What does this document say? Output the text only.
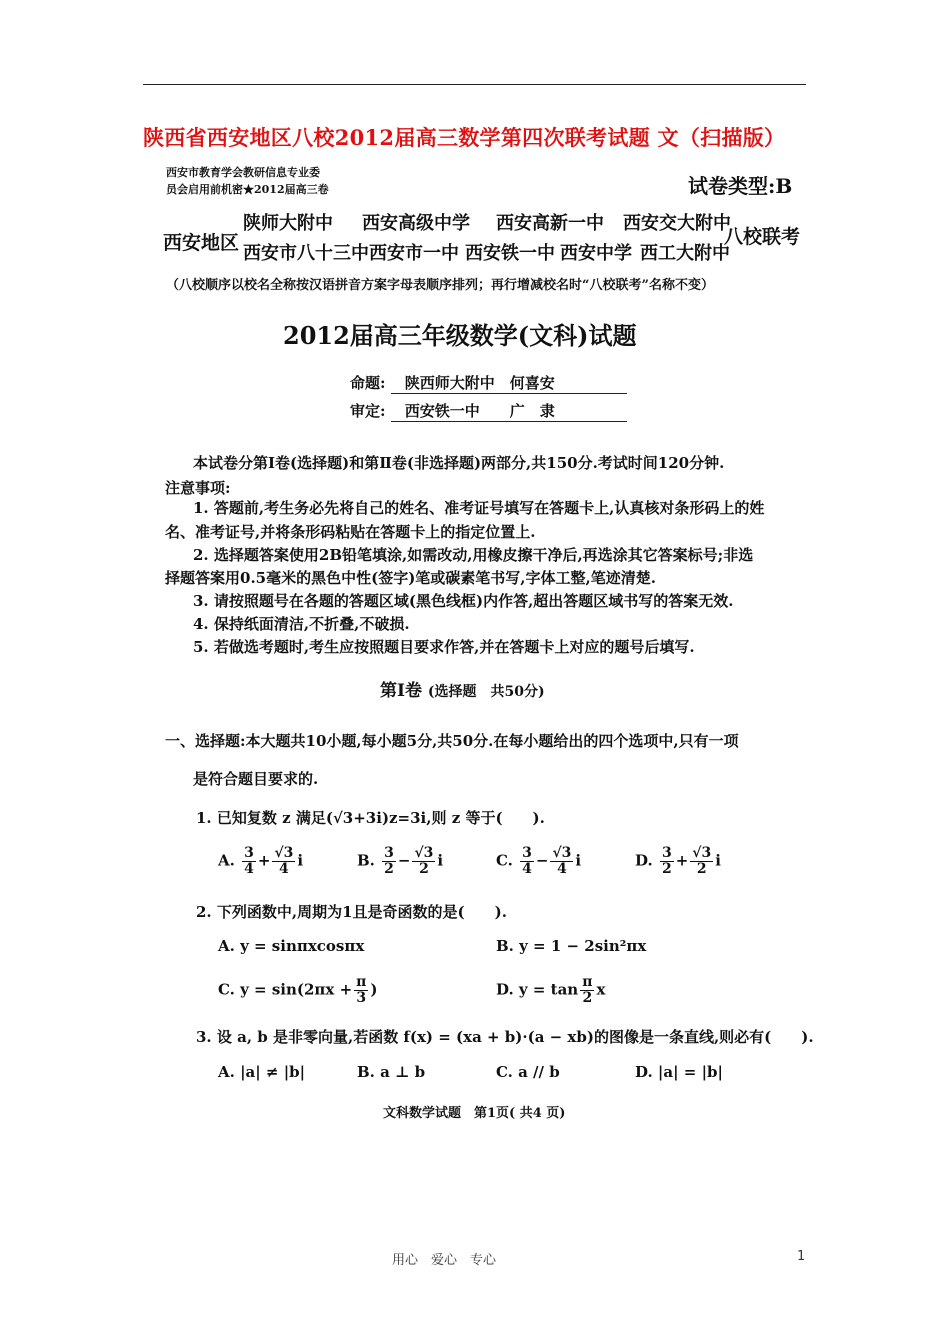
陕西省西安地区八校2012届高三数学第四次联考试题 文（扫描版）
西安市教育学会教研信息专业委
员会启用前机密★2012届高三卷	试卷类型:B
西安地区	八校联考
陕师大附中 西安高级中学 西安高新一中 西安交大附中
西安市八十三中 西安市一中 西安铁一中 西安中学 西工大附中
（八校顺序以校名全称按汉语拼音方案字母表顺序排列；再行增减校名时“八校联考”名称不变）
2012届高三年级数学(文科)试题
命题: 陕西师大附中　何喜安
审定: 西安铁一中　　广　隶
本试卷分第Ⅰ卷(选择题)和第Ⅱ卷(非选择题)两部分,共150分.考试时间120分钟.
注意事项:
1. 答题前,考生务必先将自己的姓名、准考证号填写在答题卡上,认真核对条形码上的姓
名、准考证号,并将条形码粘贴在答题卡上的指定位置上.
2. 选择题答案使用2B铅笔填涂,如需改动,用橡皮擦干净后,再选涂其它答案标号;非选
择题答案用0.5毫米的黑色中性(签字)笔或碳素笔书写,字体工整,笔迹清楚.
3. 请按照题号在各题的答题区域(黑色线框)内作答,超出答题区域书写的答案无效.
4. 保持纸面清洁,不折叠,不破损.
5. 若做选考题时,考生应按照题目要求作答,并在答题卡上对应的题号后填写.
第Ⅰ卷 (选择题　共50分)
一、选择题:本大题共10小题,每小题5分,共50分.在每小题给出的四个选项中,只有一项
是符合题目要求的.
1. 已知复数 z 满足(√3+3i)z=3i,则 z 等于(　　).
A. $\frac{3}{4} + \frac{√3}{4}$ i	B. $\frac{3}{2} - \frac{√3}{2}$ i	C. $\frac{3}{4} - \frac{√3}{4}$ i	D. $\frac{3}{2} + \frac{√3}{2}$ i
2. 下列函数中,周期为1且是奇函数的是(　　).
A. y = sinπxcosπx	B. y = 1 − 2sin²πx
C. $y = \sin(2\pi x + \frac{\pi}{3}$ )	D. $y = \tan \frac{\pi}{2}$ x
3. 设 a, b 是非零向量,若函数 f(x) = (xa + b)·(a − xb)的图像是一条直线,则必有(　　).
A. |a| ≠ |b|	B. a ⊥ b	C. a // b	D. |a| = |b|
文科数学试题　第1页( 共4 页)
用心　爱心　专心	1
